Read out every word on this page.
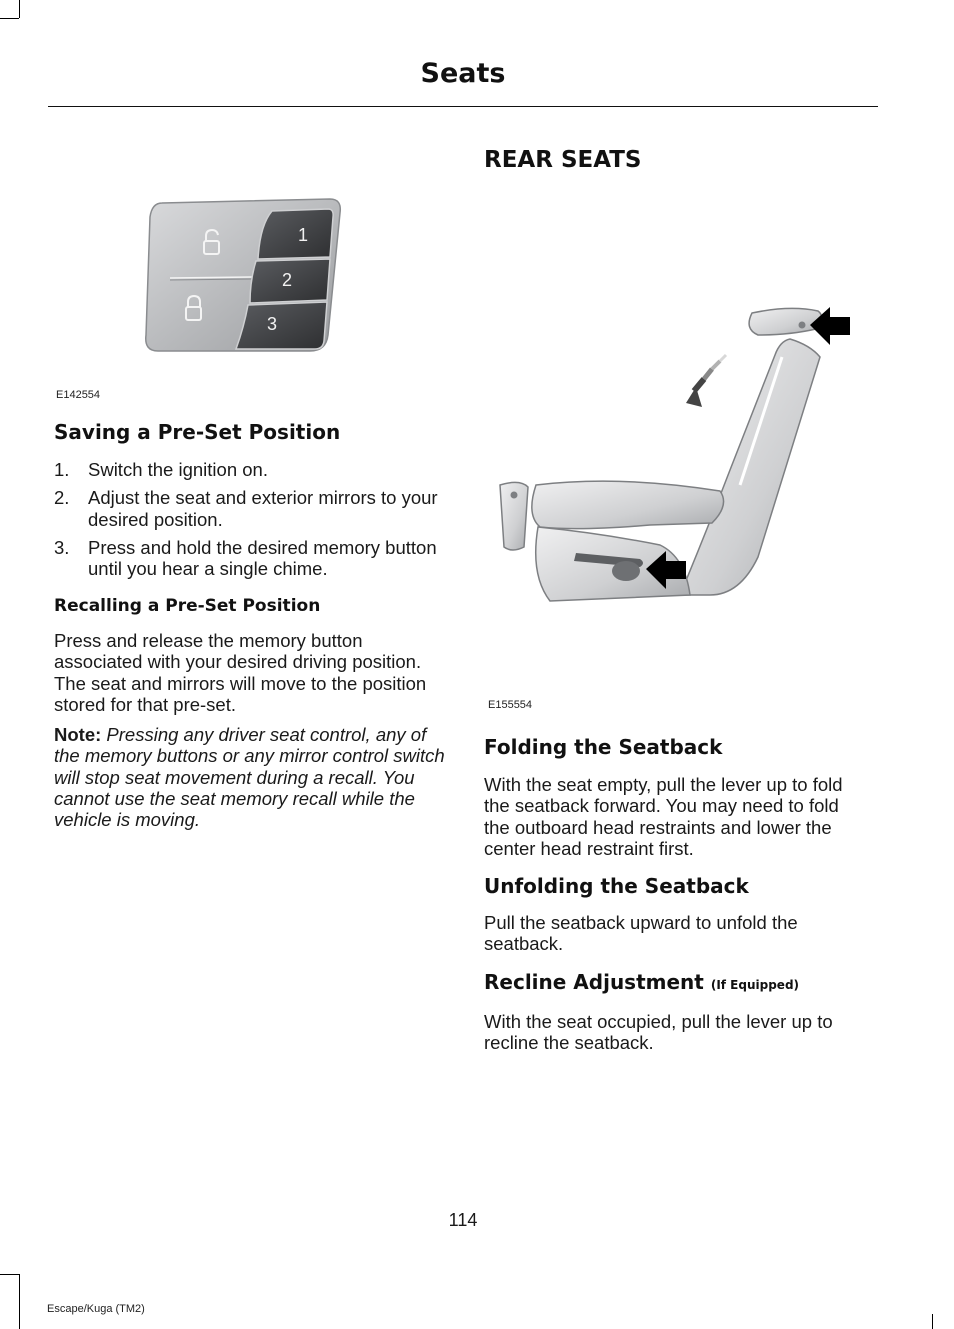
Seats
1
2
3
E142554
Saving a Pre-Set Position
1. Switch the ignition on.
2. Adjust the seat and exterior mirrors to your desired position.
3. Press and hold the desired memory button until you hear a single chime.
Recalling a Pre-Set Position

Press and release the memory button associated with your desired driving position. The seat and mirrors will move to the position stored for that pre-set.

Note: Pressing any driver seat control, any of the memory buttons or any mirror control switch will stop seat movement during a recall. You cannot use the seat memory recall while the vehicle is moving.

REAR SEATS
E155554
Folding the Seatback

With the seat empty, pull the lever up to fold the seatback forward. You may need to fold the outboard head restraints and lower the center head restraint first.

Unfolding the Seatback

Pull the seatback upward to unfold the seatback.

Recline Adjustment (If Equipped)

With the seat occupied, pull the lever up to recline the seatback.

114
Escape/Kuga (TM2)
